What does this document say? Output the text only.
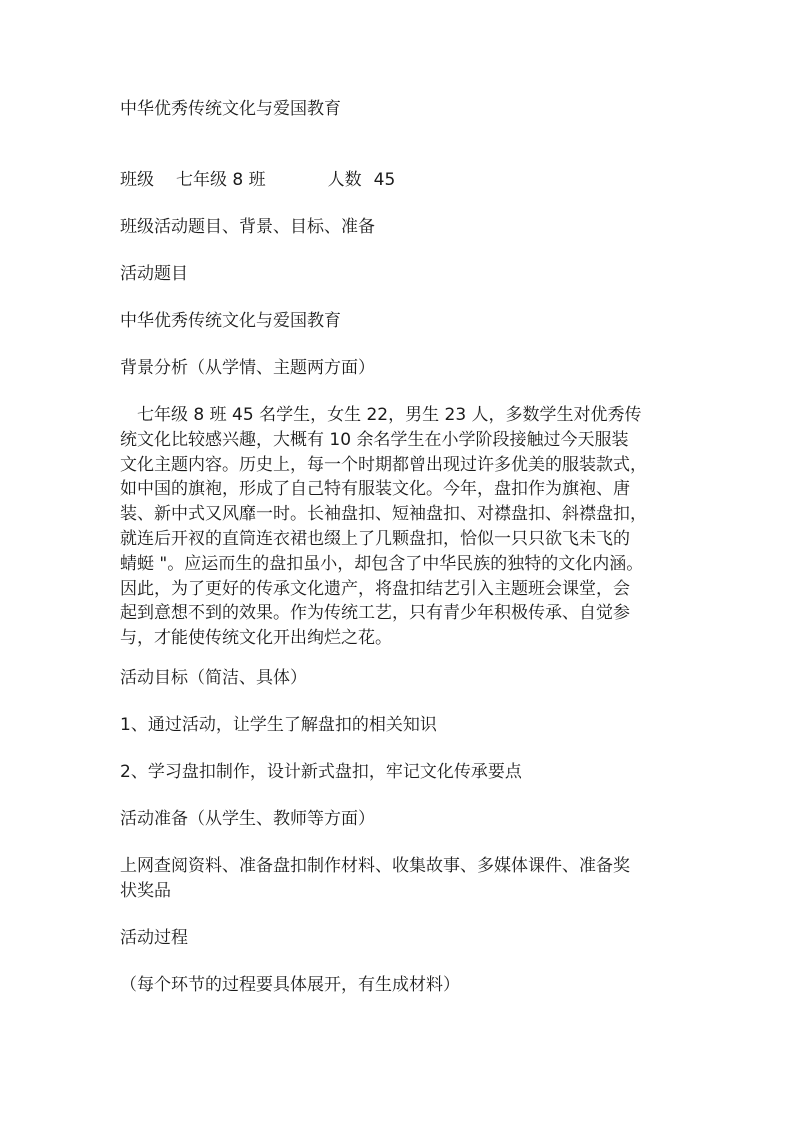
中华优秀传统文化与爱国教育
班级 七年级 8 班	人数 45
班级活动题目、背景、目标、准备
活动题目
中华优秀传统文化与爱国教育
背景分析（从学情、主题两方面）
　七年级 8 班 45 名学生，女生 22，男生 23 人，多数学生对优秀传
统文化比较感兴趣，大概有 10 余名学生在小学阶段接触过今天服装
文化主题内容。历史上，每一个时期都曾出现过许多优美的服装款式，
如中国的旗袍，形成了自己特有服装文化。今年，盘扣作为旗袍、唐
装、新中式又风靡一时。长袖盘扣、短袖盘扣、对襟盘扣、斜襟盘扣，
就连后开衩的直筒连衣裙也缀上了几颗盘扣，恰似一只只欲飞未飞的
蜻蜓 "。应运而生的盘扣虽小，却包含了中华民族的独特的文化内涵。
因此，为了更好的传承文化遗产，将盘扣结艺引入主题班会课堂，会
起到意想不到的效果。作为传统工艺，只有青少年积极传承、自觉参
与，才能使传统文化开出绚烂之花。
活动目标（简洁、具体）
1、通过活动，让学生了解盘扣的相关知识
2、学习盘扣制作，设计新式盘扣，牢记文化传承要点
活动准备（从学生、教师等方面）
上网查阅资料、准备盘扣制作材料、收集故事、多媒体课件、准备奖
状奖品
活动过程
（每个环节的过程要具体展开，有生成材料）
